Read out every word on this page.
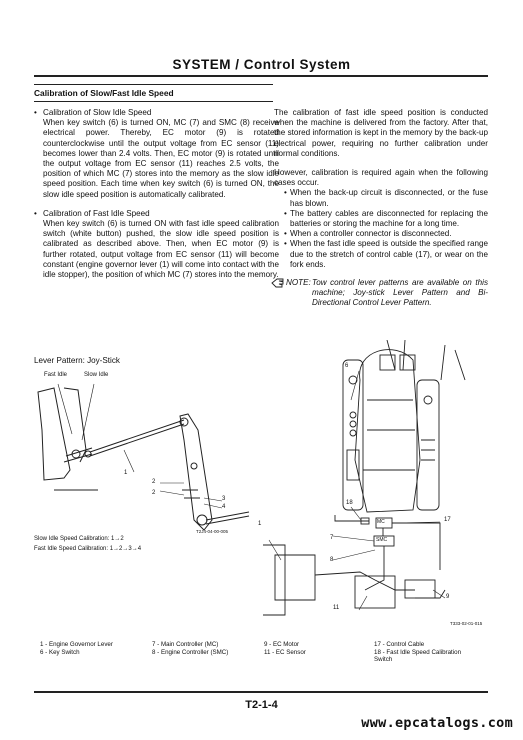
SYSTEM / Control System
Calibration of Slow/Fast Idle Speed
• Calibration of Slow Idle Speed

When key switch (6) is turned ON, MC (7) and SMC (8) receive electrical power. Thereby, EC motor (9) is rotated counterclockwise until the output voltage from EC sensor (11) becomes lower than 2.4 volts. Then, EC motor (9) is rotated until the output voltage from EC sensor (11) reaches 2.5 volts, the position of which MC (7) stores into the memory as the slow idle speed position. Each time when key switch (6) is turned ON, the slow idle speed position is automatically calibrated.

• Calibration of Fast Idle Speed

When key switch (6) is turned ON with fast idle speed calibration switch (white button) pushed, the slow idle speed position is calibrated as described above. Then, when EC motor (9) is further rotated, output voltage from EC sensor (11) will become constant (engine governor lever (1) will come into contact with the idle stopper), the position of which MC (7) stores into the memory.

The calibration of fast idle speed position is conducted when the machine is delivered from the factory. After that, the stored information is kept in the memory by the back-up electrical power, requiring no further calibration under normal conditions.

However, calibration is required again when the following cases occur.

• When the back-up circuit is disconnected, or the fuse has blown.
• The battery cables are disconnected for replacing the batteries or storing the machine for a long time.
• When a controller connector is disconnected.
• When the fast idle speed is outside the specified range due to the stretch of control cable (17), or wear on the fork ends.
NOTE: Tow control lever patterns are available on this machine; Joy-stick Lever Pattern and Bi-Directional Control Lever Pattern.
Lever Pattern: Joy-Stick
Fast Idle	Slow Idle
1
2
2
3
4
T2J4-04-00-005
Slow Idle Speed Calibration: 1→2
Fast Idle Speed Calibration: 1→2→3→4
6
18
17
7
8
1
9
11
MC
SMC
T333-02-01-015
1 - Engine Governor Lever	7 - Main Controller (MC)	9 - EC Motor	17 - Control Cable
6 - Key Switch	8 - Engine Controller (SMC)	11 - EC Sensor	18 - Fast Idle Speed Calibration Switch
T2-1-4
www.epcatalogs.com
